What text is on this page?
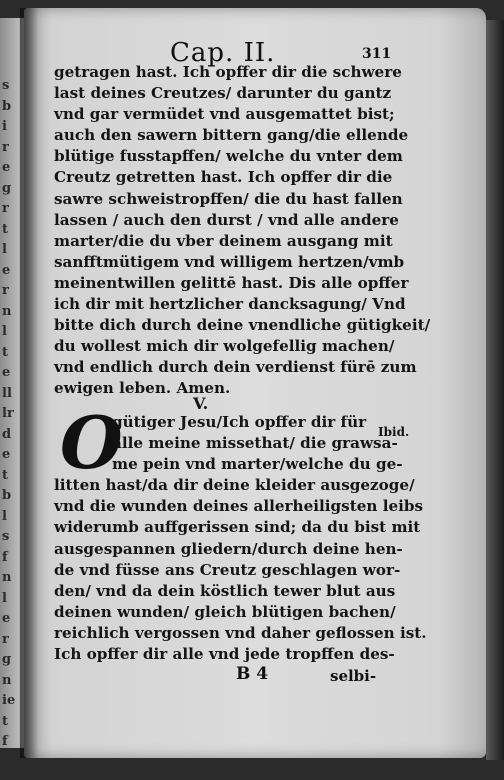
s
b
i
r
e
g
r
t
l
e
r
n
l
t
e
ll
lr
d
e
t
b
l
s
f
n
l
e
r
g
n
ie
t
f
Cap. II.	311
getragen hast. Ich opffer dir die schwere
last deines Creutzes/ darunter du gantz
vnd gar vermüdet vnd ausgemattet bist;
auch den sawern bittern gang/die ellende
blütige fusstapffen/ welche du vnter dem
Creutz getretten hast. Ich opffer dir die
sawre schweistropffen/ die du hast fallen
lassen / auch den durst / vnd alle andere
marter/die du vber deinem ausgang mit
sanfftmütigem vnd willigem hertzen/vmb
meinentwillen gelittē hast. Dis alle opffer
ich dir mit hertzlicher dancksagung/ Vnd
bitte dich durch deine vnendliche gütigkeit/
du wollest mich dir wolgefellig machen/
vnd endlich durch dein verdienst fürē zum
ewigen leben. Amen.
V.
O
gütiger Jesu/Ich opffer dir für
alle meine missethat/ die grawsa-
me pein vnd marter/welche du ge-
litten hast/da dir deine kleider ausgezoge/
vnd die wunden deines allerheiligsten leibs
widerumb auffgerissen sind; da du bist mit
ausgespannen gliedern/durch deine hen-
de vnd füsse ans Creutz geschlagen wor-
den/ vnd da dein köstlich tewer blut aus
deinen wunden/ gleich blütigen bachen/
reichlich vergossen vnd daher geflossen ist.
Ich opffer dir alle vnd jede tropffen des-
Ibid.
B 4	selbi-
